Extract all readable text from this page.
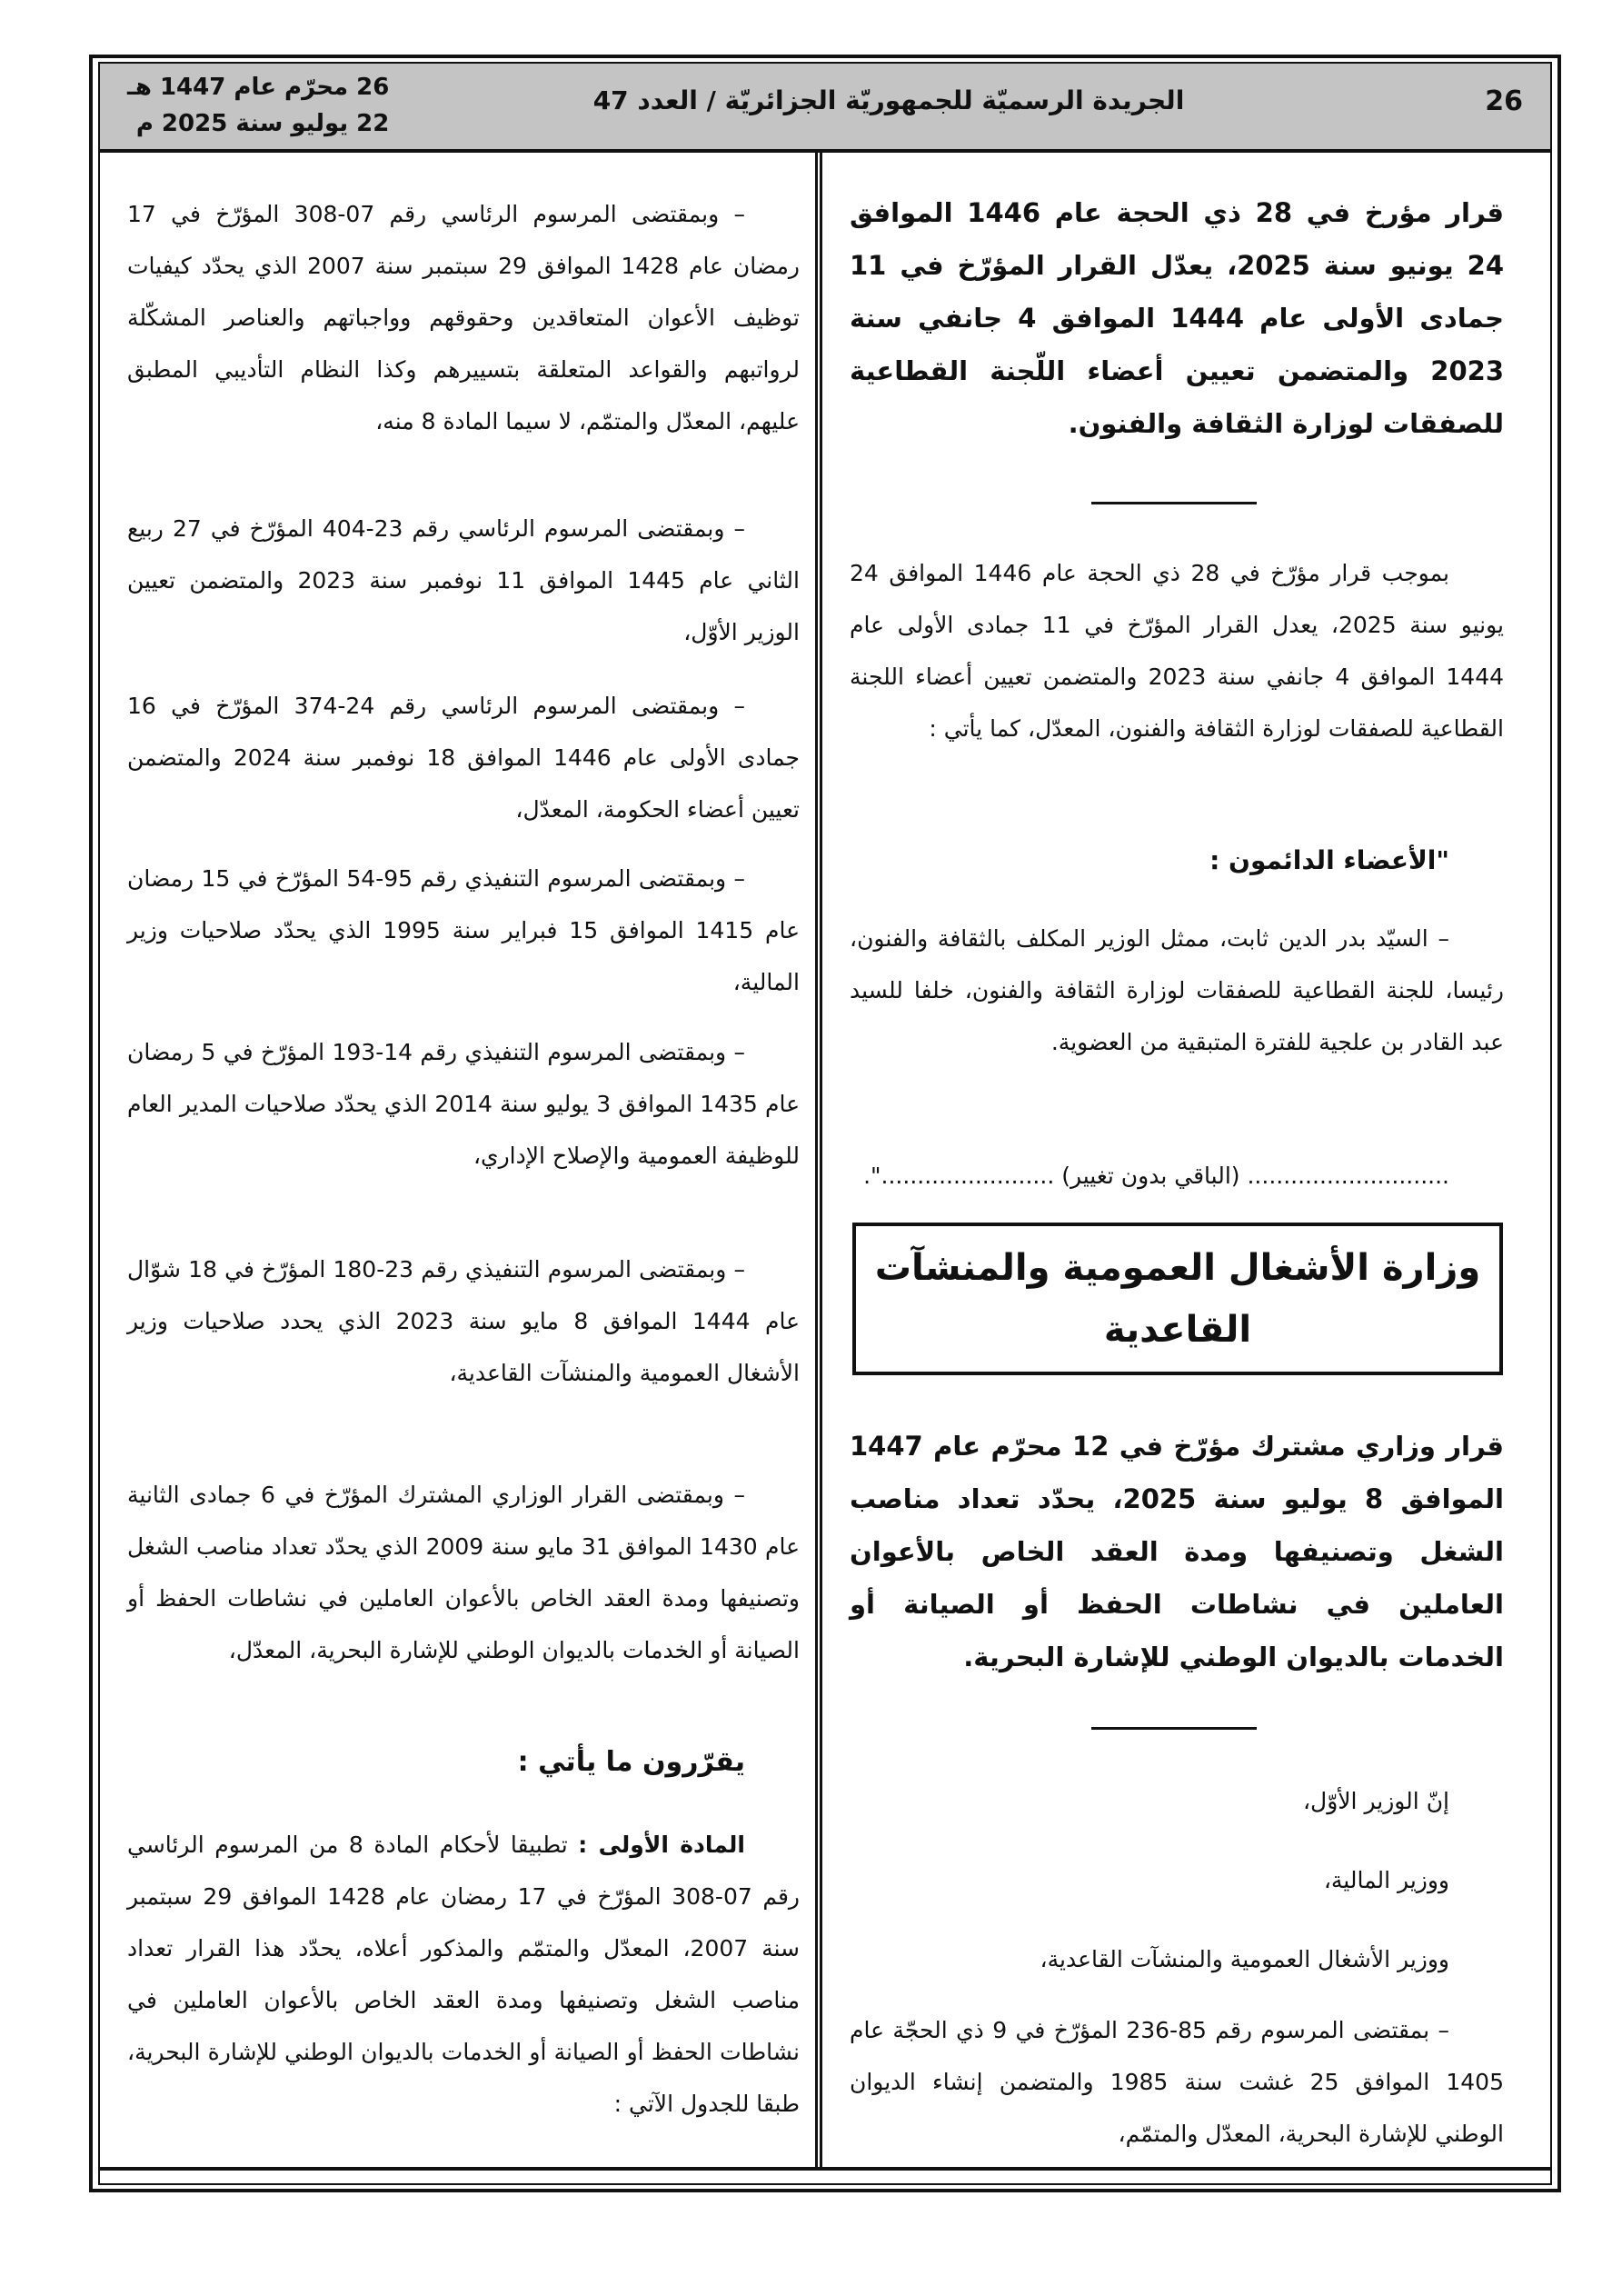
26
الجريدة الرسميّة للجمهوريّة الجزائريّة / العدد 47
26 محرّم عام 1447 هـ
22 يوليو سنة 2025 م
قرار مؤرخ في 28 ذي الحجة عام 1446 الموافق 24 يونيو سنة 2025، يعدّل القرار المؤرّخ في 11 جمادى الأولى عام 1444 الموافق 4 جانفي سنة 2023 والمتضمن تعيين أعضاء اللّجنة القطاعية للصفقات لوزارة الثقافة والفنون.
بموجب قرار مؤرّخ في 28 ذي الحجة عام 1446 الموافق 24 يونيو سنة 2025، يعدل القرار المؤرّخ في 11 جمادى الأولى عام 1444 الموافق 4 جانفي سنة 2023 والمتضمن تعيين أعضاء اللجنة القطاعية للصفقات لوزارة الثقافة والفنون، المعدّل، كما يأتي :
"الأعضاء الدائمون :
– السيّد بدر الدين ثابت، ممثل الوزير المكلف بالثقافة والفنون، رئيسا، للجنة القطاعية للصفقات لوزارة الثقافة والفنون، خلفا للسيد عبد القادر بن علجية للفترة المتبقية من العضوية.
............................ (الباقي بدون تغيير) ........................".
وزارة الأشغال العمومية والمنشآت القاعدية
قرار وزاري مشترك مؤرّخ في 12 محرّم عام 1447 الموافق 8 يوليو سنة 2025، يحدّد تعداد مناصب الشغل وتصنيفها ومدة العقد الخاص بالأعوان العاملين في نشاطات الحفظ أو الصيانة أو الخدمات بالديوان الوطني للإشارة البحرية.
إنّ الوزير الأوّل،
ووزير المالية،
ووزير الأشغال العمومية والمنشآت القاعدية،
– بمقتضى المرسوم رقم 85-236 المؤرّخ في 9 ذي الحجّة عام 1405 الموافق 25 غشت سنة 1985 والمتضمن إنشاء الديوان الوطني للإشارة البحرية، المعدّل والمتمّم،
– وبمقتضى المرسوم الرئاسي رقم 07-308 المؤرّخ في 17 رمضان عام 1428 الموافق 29 سبتمبر سنة 2007 الذي يحدّد كيفيات توظيف الأعوان المتعاقدين وحقوقهم وواجباتهم والعناصر المشكّلة لرواتبهم والقواعد المتعلقة بتسييرهم وكذا النظام التأديبي المطبق عليهم، المعدّل والمتمّم، لا سيما المادة 8 منه،
– وبمقتضى المرسوم الرئاسي رقم 23-404 المؤرّخ في 27 ربيع الثاني عام 1445 الموافق 11 نوفمبر سنة 2023 والمتضمن تعيين الوزير الأوّل،
– وبمقتضى المرسوم الرئاسي رقم 24-374 المؤرّخ في 16 جمادى الأولى عام 1446 الموافق 18 نوفمبر سنة 2024 والمتضمن تعيين أعضاء الحكومة، المعدّل،
– وبمقتضى المرسوم التنفيذي رقم 95-54 المؤرّخ في 15 رمضان عام 1415 الموافق 15 فبراير سنة 1995 الذي يحدّد صلاحيات وزير المالية،
– وبمقتضى المرسوم التنفيذي رقم 14-193 المؤرّخ في 5 رمضان عام 1435 الموافق 3 يوليو سنة 2014 الذي يحدّد صلاحيات المدير العام للوظيفة العمومية والإصلاح الإداري،
– وبمقتضى المرسوم التنفيذي رقم 23-180 المؤرّخ في 18 شوّال عام 1444 الموافق 8 مايو سنة 2023 الذي يحدد صلاحيات وزير الأشغال العمومية والمنشآت القاعدية،
– وبمقتضى القرار الوزاري المشترك المؤرّخ في 6 جمادى الثانية عام 1430 الموافق 31 مايو سنة 2009 الذي يحدّد تعداد مناصب الشغل وتصنيفها ومدة العقد الخاص بالأعوان العاملين في نشاطات الحفظ أو الصيانة أو الخدمات بالديوان الوطني للإشارة البحرية، المعدّل،
يقرّرون ما يأتي :
المادة الأولى : تطبيقا لأحكام المادة 8 من المرسوم الرئاسي رقم 07-308 المؤرّخ في 17 رمضان عام 1428 الموافق 29 سبتمبر سنة 2007، المعدّل والمتمّم والمذكور أعلاه، يحدّد هذا القرار تعداد مناصب الشغل وتصنيفها ومدة العقد الخاص بالأعوان العاملين في نشاطات الحفظ أو الصيانة أو الخدمات بالديوان الوطني للإشارة البحرية، طبقا للجدول الآتي :
